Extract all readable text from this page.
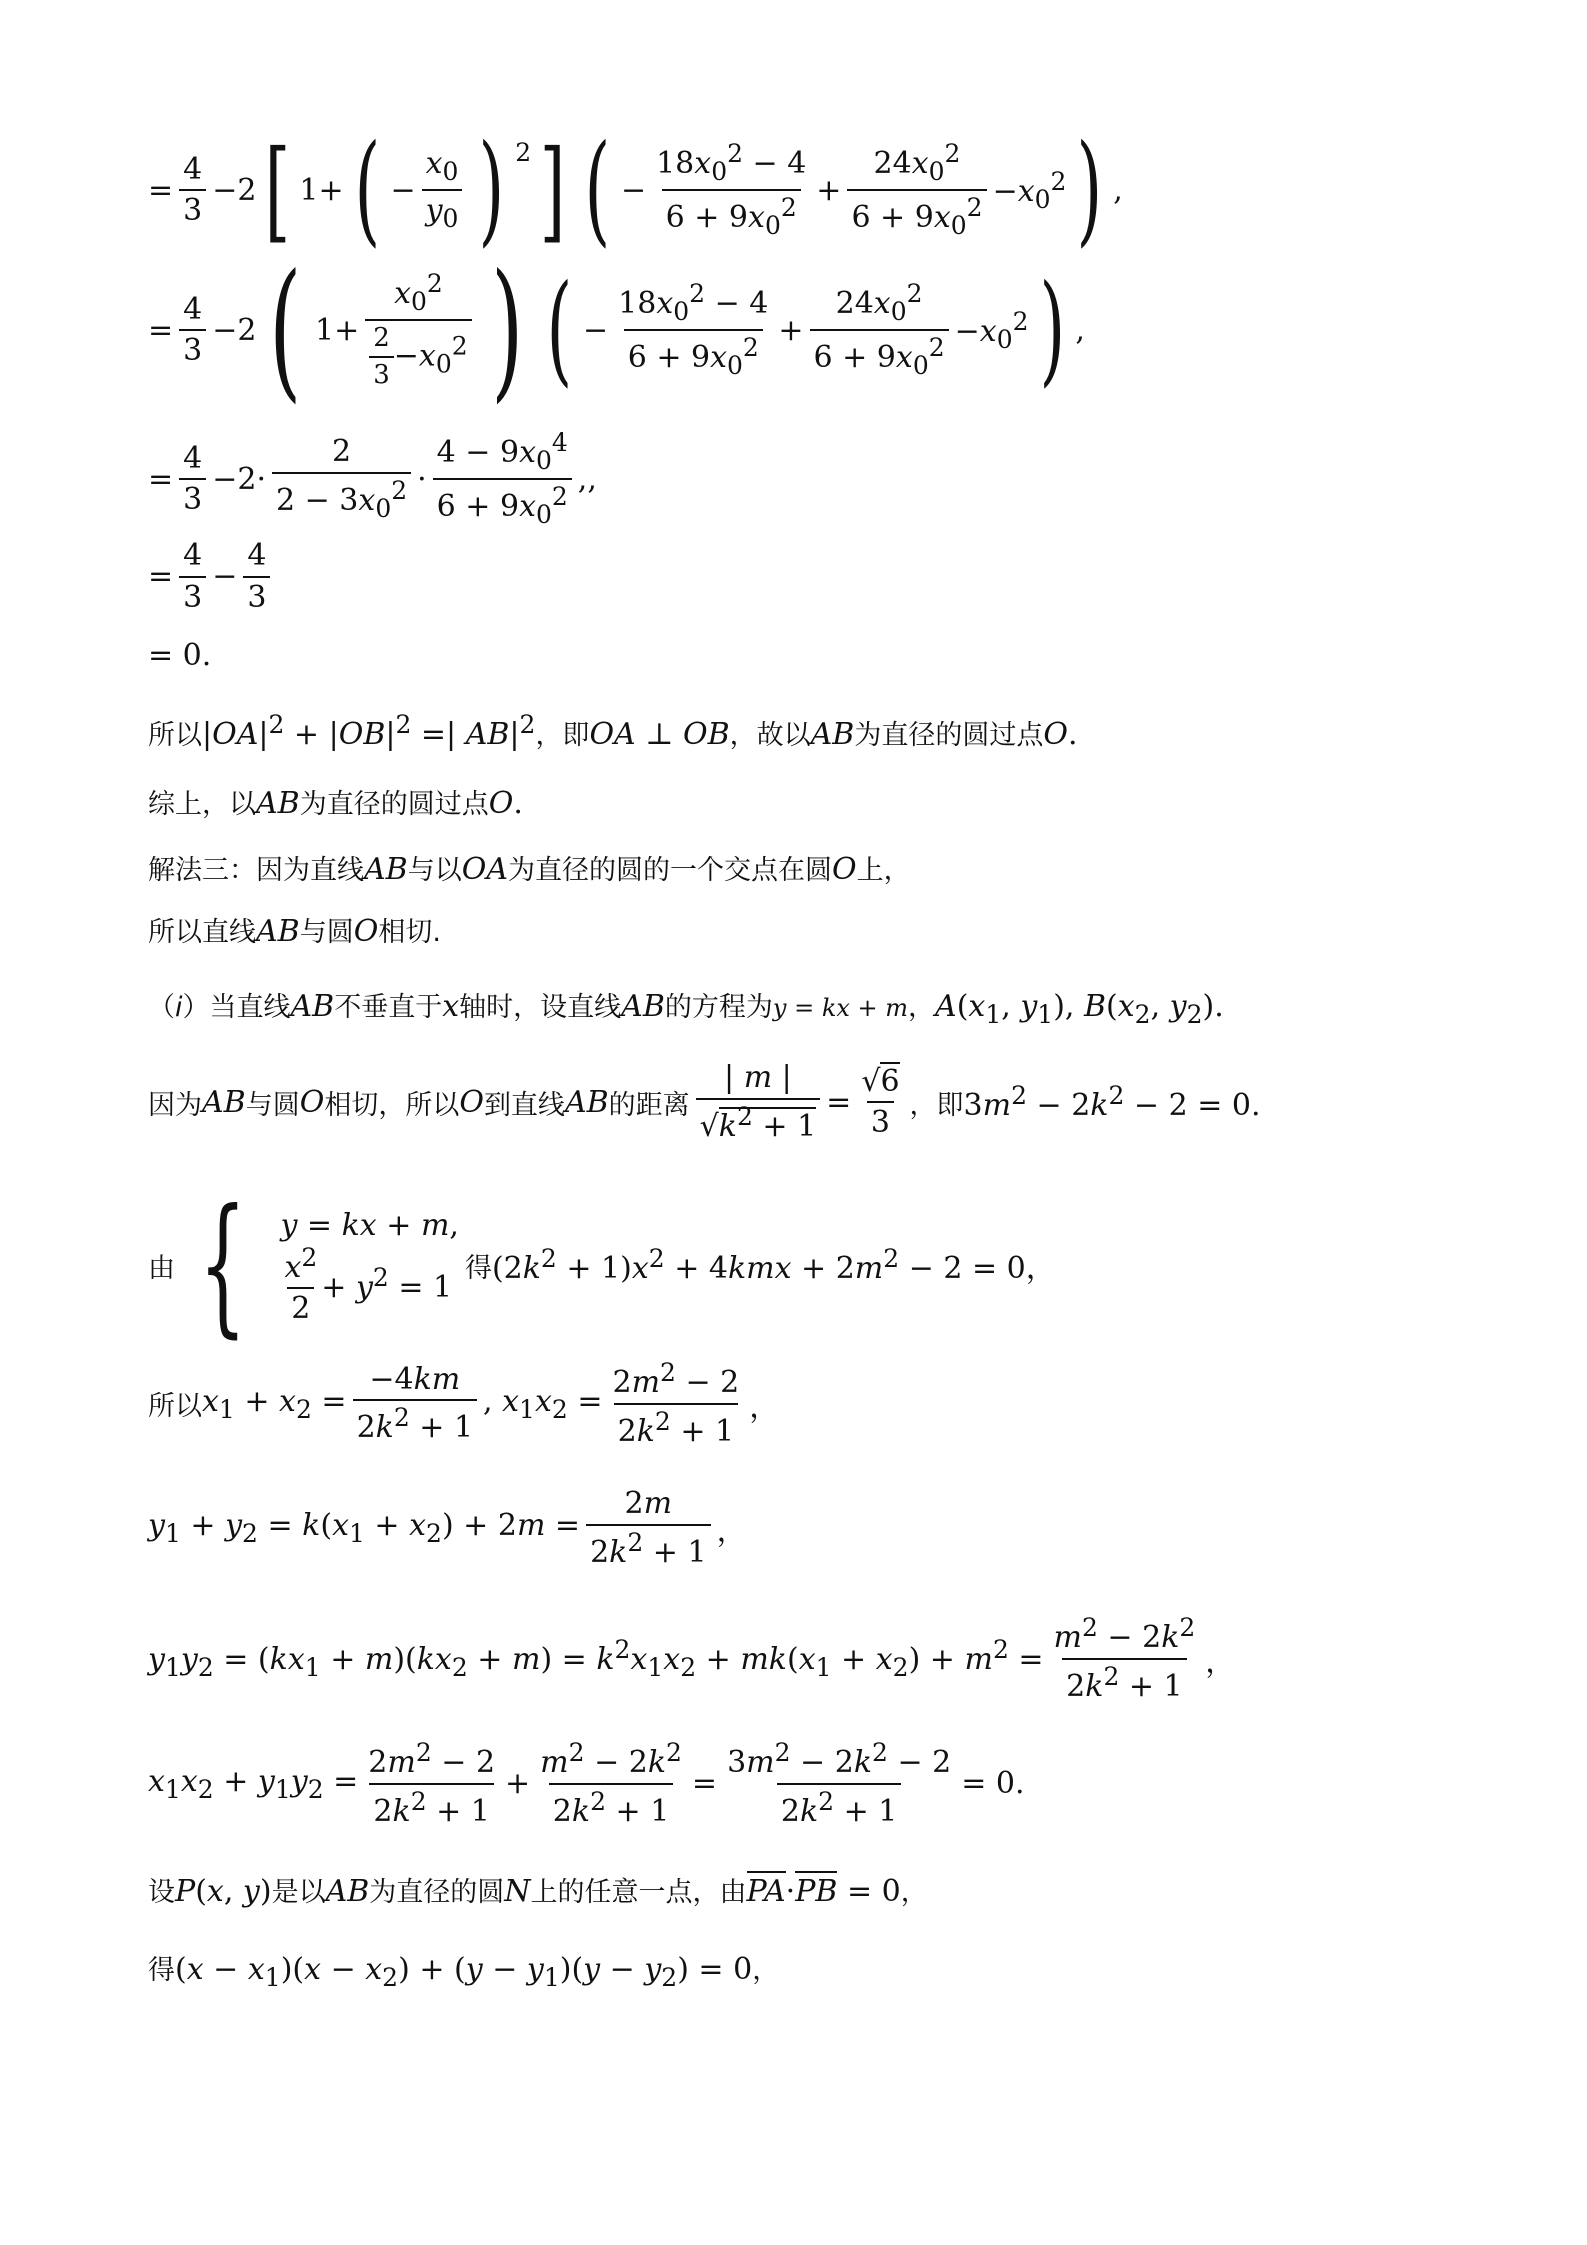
= $\frac{4}{3} -2$ [ 1+ ( − $\frac{x_0}{y_0}$ ) $^2$ ] ( − $\frac{18x_0^2 - 4}{6 + 9x_0^2} + \frac{24x_0^2}{6 + 9x_0^2} -x_0^2$ ) ,
= $\frac{4}{3} -2$ ( $1+ \frac{x_0^2}{\frac{2}{3} -x_0^2}$ ) ( − $\frac{18x_0^2 - 4}{6 + 9x_0^2} + \frac{24x_0^2}{6 + 9x_0^2} -x_0^2$ ) ,
= $\frac{4}{3} -2\cdot \frac{2}{2 - 3x_0^2} \cdot \frac{4 - 9x_0^4}{6 + 9x_0^2}$ ,,
= $\frac{4}{3} - \frac{4}{3}$
= 0.
所以$|OA|^2 + |OB|^2$ =| $AB|^2$，即OA ⊥ OB，故以AB为直径的圆过点O.
综上，以AB为直径的圆过点O.
解法三：因为直线AB与以OA为直径的圆的一个交点在圆O上，
所以直线AB与圆O相切.
（i）当直线AB不垂直于x轴时，设直线AB的方程为y = kx + m，$A(x_1$, $y_1$), $B(x_2$, $y_2$).
因为 AB 与圆 O 相切，所以 O 到直线 AB 的距离 $\frac{| m |}{√k^2 + 1} = \frac{√6}{3}$ ，即 $3m^2 - 2k^2 - 2 = 0$.
由 { y = kx + m,
$\frac{x^2}{2} + y^2 = 1$
得 $(2k^2 + 1)x^2 + 4kmx + 2m^2 - 2 = 0$，
所以 $x_1 + x_2 = \frac{-4km}{2k^2 + 1}$ , $x_1x_2 = \frac{2m^2 - 2}{2k^2 + 1}$ ，
$y_1 + y_2 = k(x_1 + x_2) + 2m = \frac{2m}{2k^2 + 1}$ ，
$y_1y_2 = (kx_1 + m)(kx_2 + m) = k^2x_1x_2 + mk(x_1 + x_2) + m^2 = \frac{m^2 - 2k^2}{2k^2 + 1}$ ，
$x_1x_2 + y_1y_2 = \frac{2m^2 - 2}{2k^2 + 1} + \frac{m^2 - 2k^2}{2k^2 + 1} = \frac{3m^2 - 2k^2 - 2}{2k^2 + 1} = 0$.
设P(x, y)是以AB为直径的圆N上的任意一点，由PA·PB = 0，
得$(x - x_1)(x - x_2) + (y - y_1)(y - y_2) = 0$，
